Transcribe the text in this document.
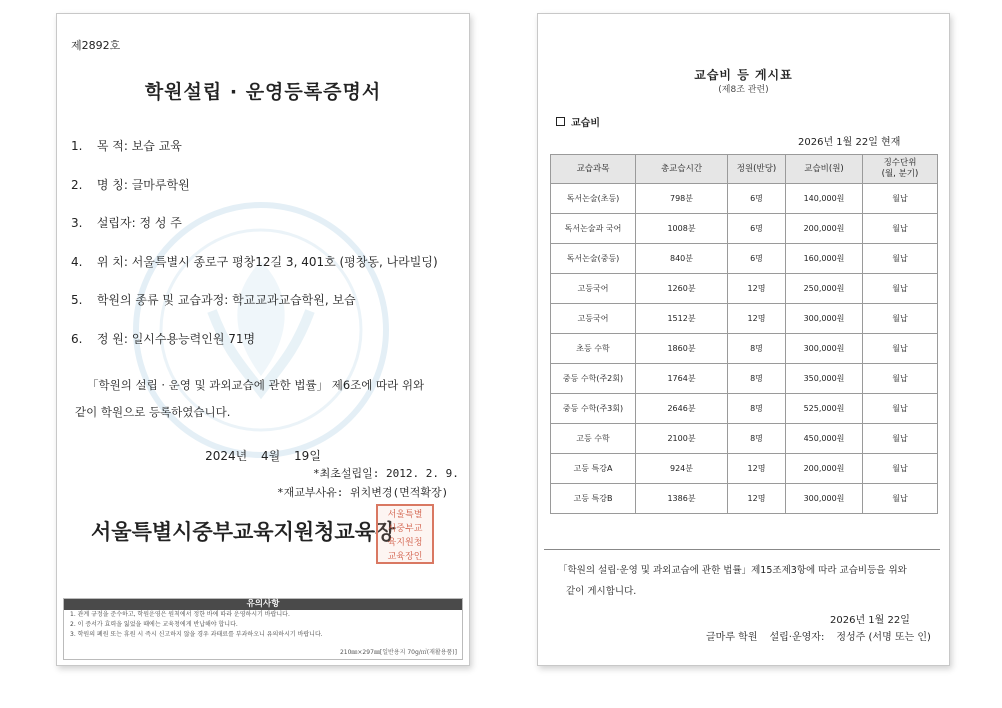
제2892호
학원설립 · 운영등록증명서
1. 목 적: 보습 교육
2. 명 칭: 글마루학원
3. 설립자: 정 성 주
4. 위 치: 서울특별시 종로구 평창12길 3, 401호 (평창동, 나라빌딩)
5. 학원의 종류 및 교습과정: 학교교과교습학원, 보습
6. 정 원: 일시수용능력인원 71명
「학원의 설립 · 운영 및 과외교습에 관한 법률」 제6조에 따라 위와
같이 학원으로 등록하였습니다.
2024년 4월 19일
*최초설립일: 2012. 2. 9.
*재교부사유: 위치변경(면적확장)
서울특별시중부교육지원청교육장
서울특별
시중부교
육지원청
교육장인
유의사항
1. 관계 규정을 준수하고, 학원운영은 원칙에서 정한 바에 따라 운영하시기 바랍니다.
2. 이 증서가 효력을 잃었을 때에는 교육청에게 반납해야 합니다.
3. 학원의 폐원 또는 휴원 시 즉시 신고하지 않을 경우 과태료를 부과하오니 유의하시기 바랍니다.
210㎜×297㎜[일반용지 70g/㎡(재활용품)]
교습비 등 게시표
(제8조 관련)
교습비
2026년 1월 22일 현재
교습과목	총교습시간	정원(반당)	교습비(원)	징수단위
(월, 분기)
독서논술(초등)	798분	6명	140,000원	월납
독서논술과 국어	1008분	6명	200,000원	월납
독서논술(중등)	840분	6명	160,000원	월납
고등국어	1260분	12명	250,000원	월납
고등국어	1512분	12명	300,000원	월납
초등 수학	1860분	8명	300,000원	월납
중등 수학(주2회)	1764분	8명	350,000원	월납
중등 수학(주3회)	2646분	8명	525,000원	월납
고등 수학	2100분	8명	450,000원	월납
고등 특강A	924분	12명	200,000원	월납
고등 특강B	1386분	12명	300,000원	월납
「학원의 설립·운영 및 과외교습에 관한 법률」제15조제3항에 따라 교습비등을 위와
같이 게시합니다.
2026년 1월 22일
글마루 학원 설립·운영자: 정성주 (서명 또는 인)
